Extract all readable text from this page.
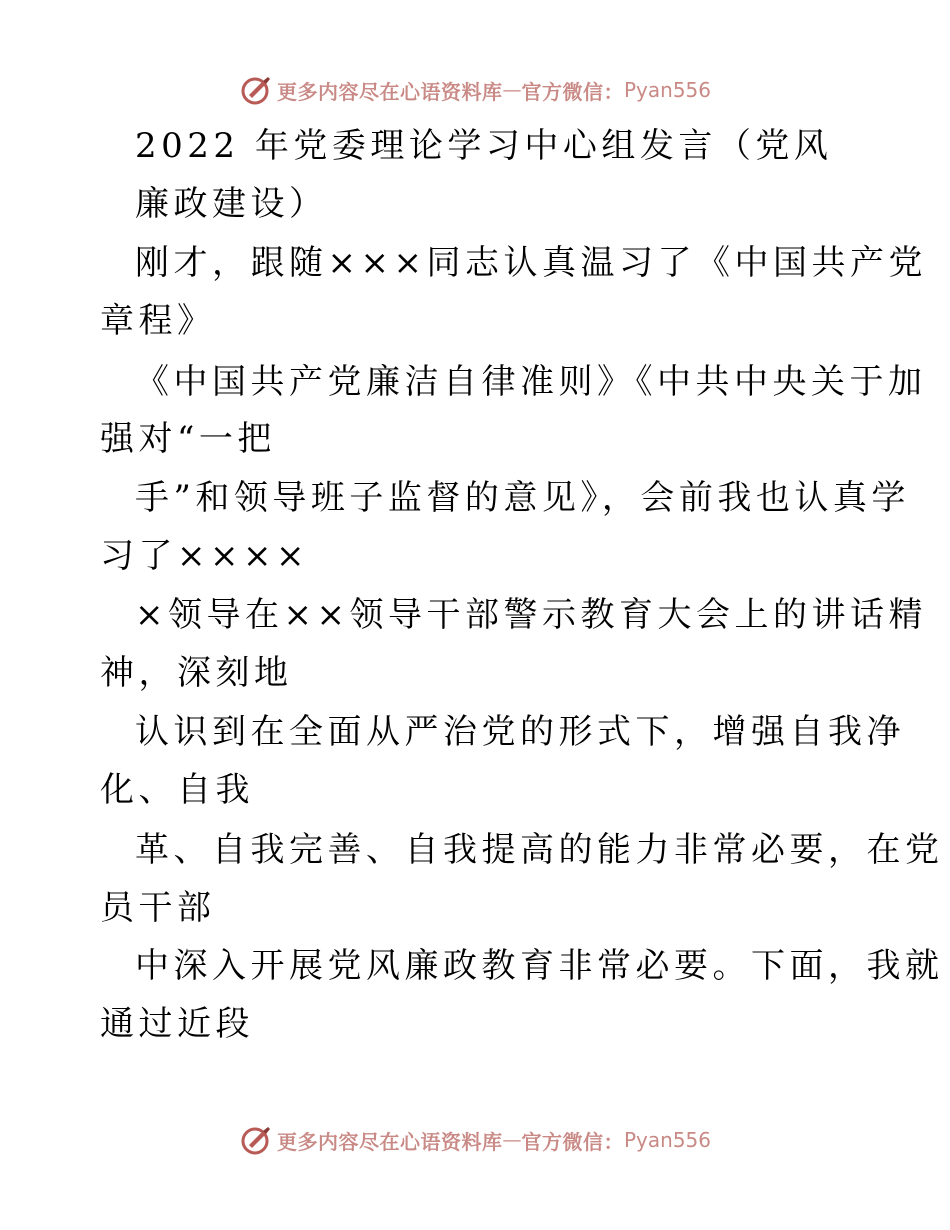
更多内容尽在心语资料库 — 官方微信： Pyan556
2022 年党委理论学习中心组发言（党风
廉政建设）
刚才，跟随×××同志认真温习了《中国共产党
章程》
《中国共产党廉洁自律准则》《中共中央关于加
强对“一把
手”和领导班子监督的意见》，会前我也认真学
习了××××
×领导在××领导干部警示教育大会上的讲话精
神，深刻地
认识到在全面从严治党的形式下，增强自我净
化、自我
革、自我完善、自我提高的能力非常必要，在党
员干部
中深入开展党风廉政教育非常必要。下面，我就
通过近段
更多内容尽在心语资料库 — 官方微信： Pyan556
